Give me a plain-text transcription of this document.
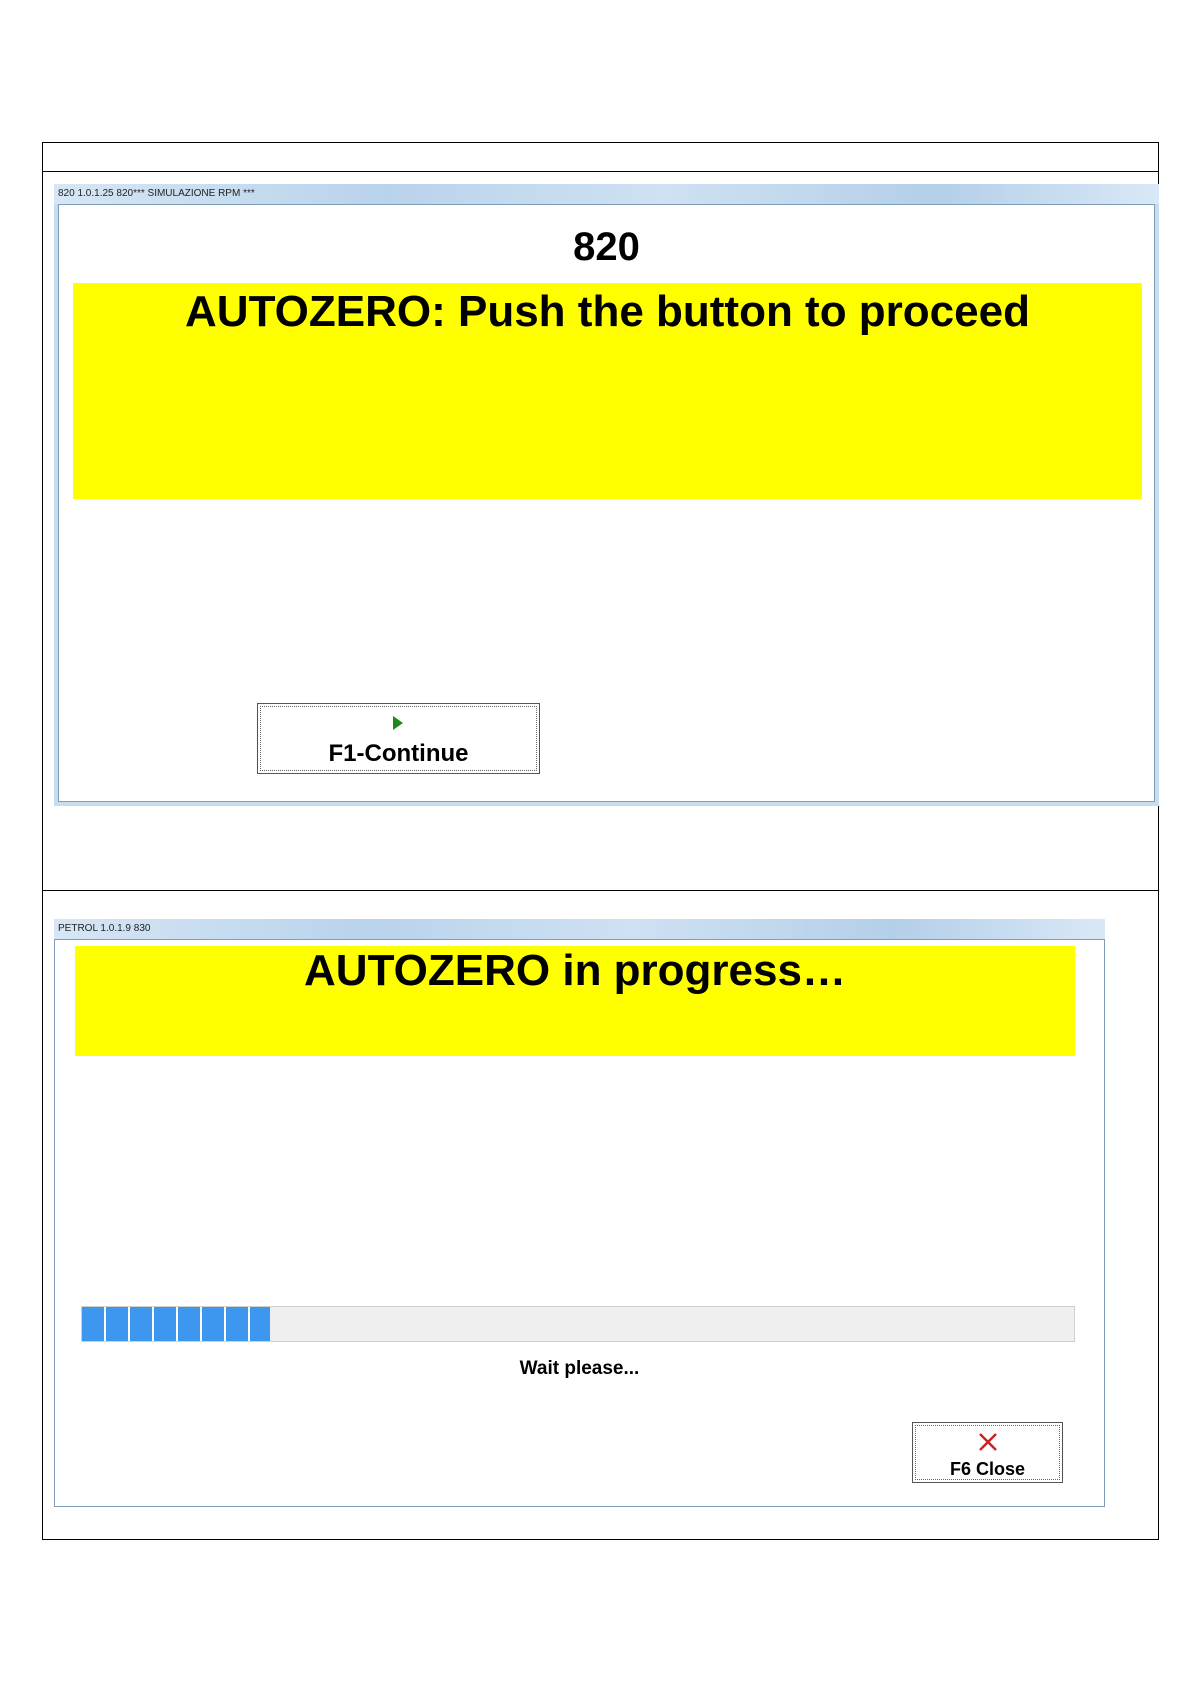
820 1.0.1.25 820*** SIMULAZIONE RPM ***
820
AUTOZERO: Push the button to proceed
F1-Continue
PETROL 1.0.1.9 830
AUTOZERO in progress…
Wait please...
F6 Close
